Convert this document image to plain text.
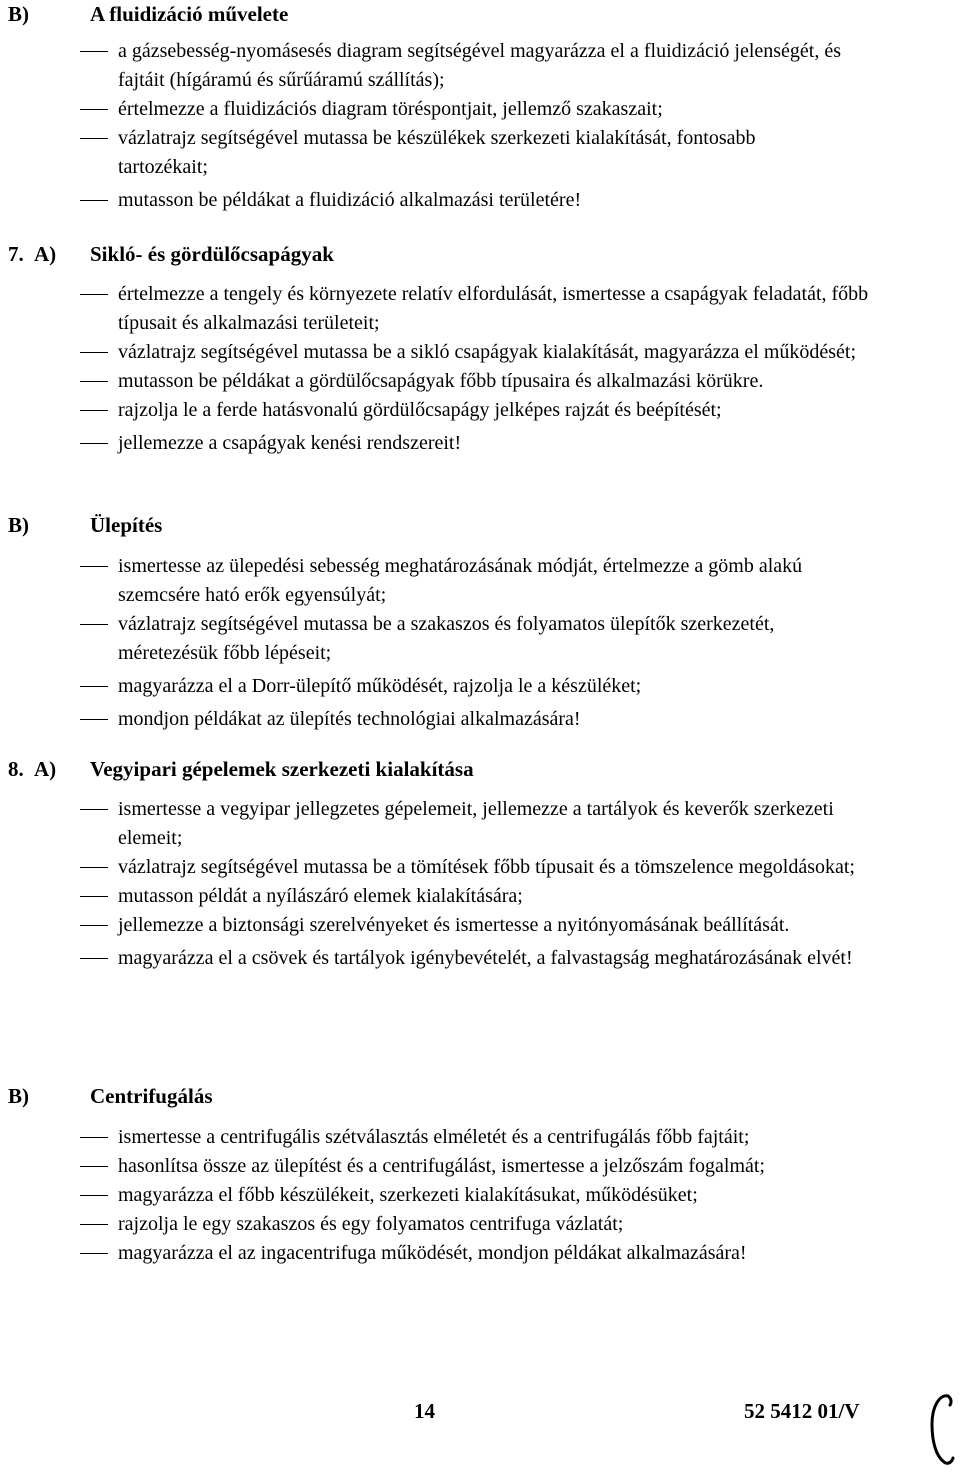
B)	A fluidizáció művelete
a gázsebesség-nyomásesés diagram segítségével magyarázza el a fluidizáció jelenségét, és fajtáit (hígáramú és sűrűáramú szállítás);
értelmezze a fluidizációs diagram töréspontjait, jellemző szakaszait;
vázlatrajz segítségével mutassa be készülékek szerkezeti kialakítását, fontosabb tartozékait;
mutasson be példákat a fluidizáció alkalmazási területére!
7. A) Sikló- és gördülőcsapágyak
értelmezze a tengely és környezete relatív elfordulását, ismertesse a csapágyak feladatát, főbb típusait és alkalmazási területeit;
vázlatrajz segítségével mutassa be a sikló csapágyak kialakítását, magyarázza el működését;
mutasson be példákat a gördülőcsapágyak főbb típusaira és alkalmazási körükre.
rajzolja le a ferde hatásvonalú gördülőcsapágy jelképes rajzát és beépítését;
jellemezze a csapágyak kenési rendszereit!
B)	Ülepítés
ismertesse az ülepedési sebesség meghatározásának módját, értelmezze a gömb alakú szemcsére ható erők egyensúlyát;
vázlatrajz segítségével mutassa be a szakaszos és folyamatos ülepítők szerkezetét, méretezésük főbb lépéseit;
magyarázza el a Dorr-ülepítő működését, rajzolja le a készüléket;
mondjon példákat az ülepítés technológiai alkalmazására!
8. A) Vegyipari gépelemek szerkezeti kialakítása
ismertesse a vegyipar jellegzetes gépelemeit, jellemezze a tartályok és keverők szerkezeti elemeit;
vázlatrajz segítségével mutassa be a tömítések főbb típusait és a tömszelence megoldásokat;
mutasson példát a nyílászáró elemek kialakítására;
jellemezze a biztonsági szerelvényeket és ismertesse a nyitónyomásának beállítását.
magyarázza el a csövek és tartályok igénybevételét, a falvastagság meghatározásának elvét!
B)	Centrifugálás
ismertesse a centrifugális szétválasztás elméletét és a centrifugálás főbb fajtáit;
hasonlítsa össze az ülepítést és a centrifugálást, ismertesse a jelzőszám fogalmát;
magyarázza el főbb készülékeit, szerkezeti kialakításukat, működésüket;
rajzolja le egy szakaszos és egy folyamatos centrifuga vázlatát;
magyarázza el az ingacentrifuga működését, mondjon példákat alkalmazására!
14	52 5412 01/V
